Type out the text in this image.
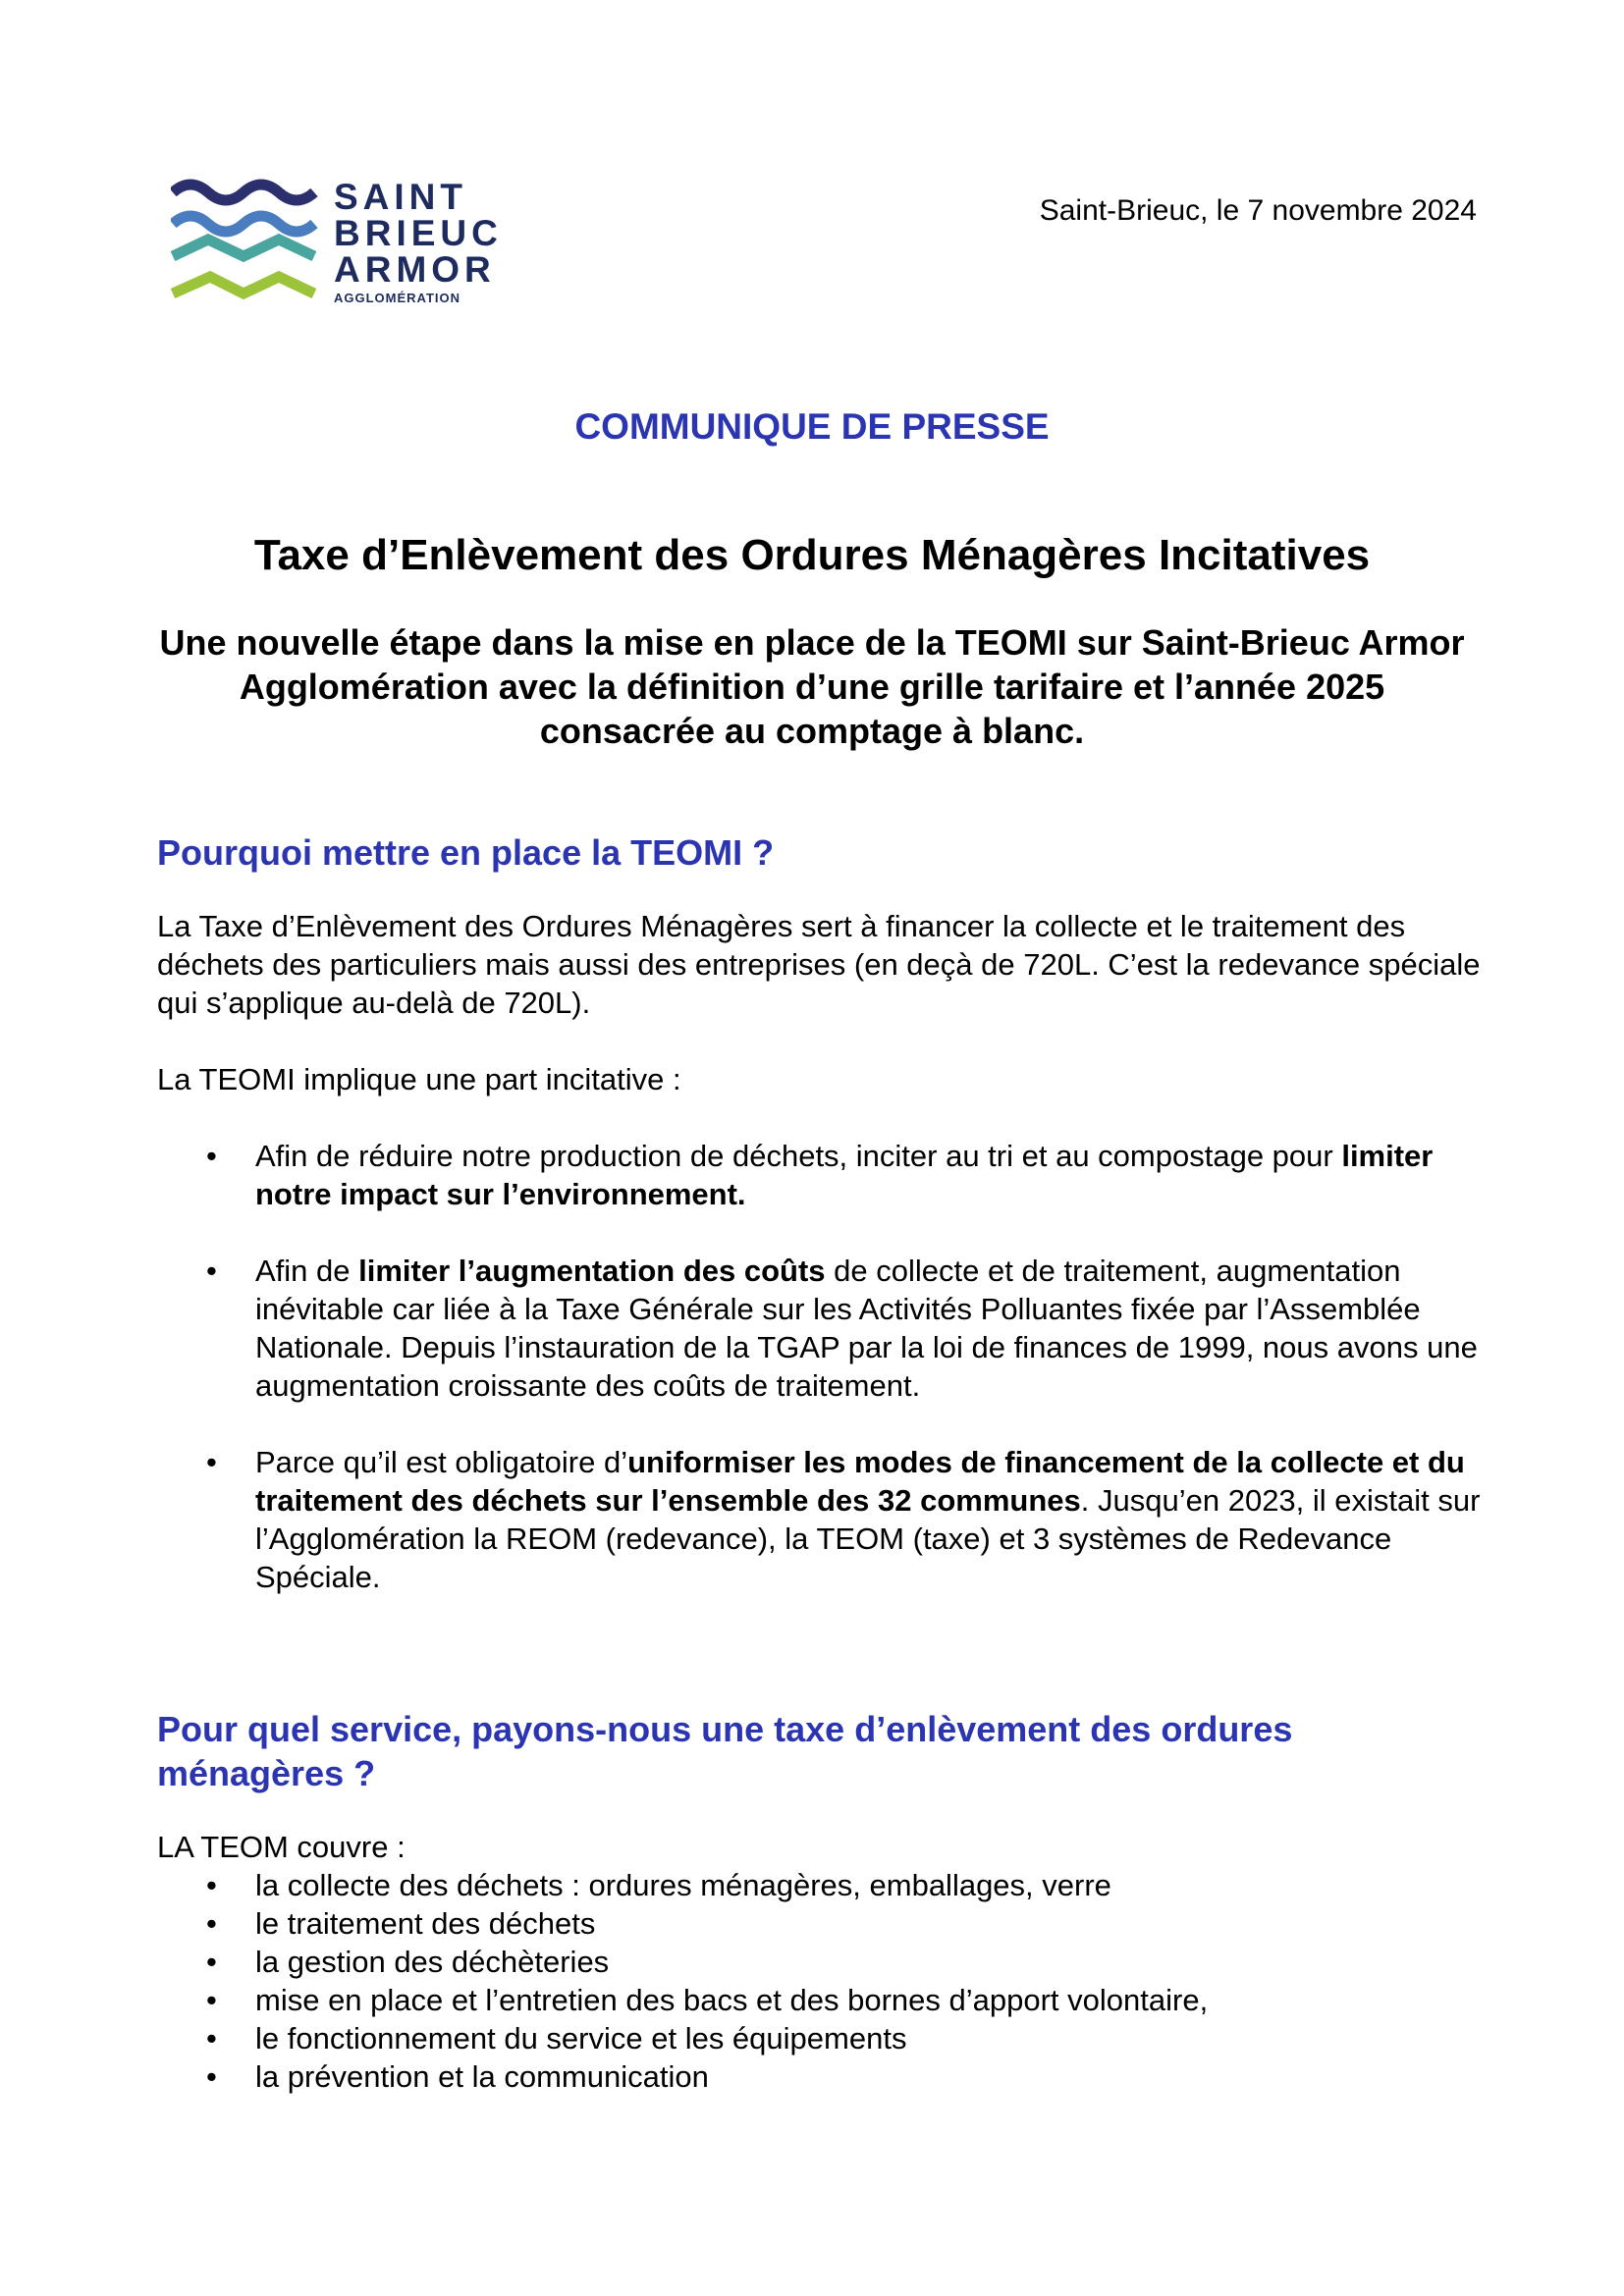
SAINT
BRIEUC
ARMOR
AGGLOMÉRATION
Saint-Brieuc, le 7 novembre 2024
COMMUNIQUE DE PRESSE
Taxe d’Enlèvement des Ordures Ménagères Incitatives
Une nouvelle étape dans la mise en place de la TEOMI sur Saint-Brieuc Armor Agglomération avec la définition d’une grille tarifaire et l’année 2025 consacrée au comptage à blanc.
Pourquoi mettre en place la TEOMI ?

La Taxe d’Enlèvement des Ordures Ménagères sert à financer la collecte et le traitement des déchets des particuliers mais aussi des entreprises (en deçà de 720L. C’est la redevance spéciale qui s’applique au-delà de 720L).

La TEOMI implique une part incitative :

• Afin de réduire notre production de déchets, inciter au tri et au compostage pour limiter notre impact sur l’environnement.
• Afin de limiter l’augmentation des coûts de collecte et de traitement, augmentation inévitable car liée à la Taxe Générale sur les Activités Polluantes fixée par l’Assemblée Nationale. Depuis l’instauration de la TGAP par la loi de finances de 1999, nous avons une augmentation croissante des coûts de traitement.
• Parce qu’il est obligatoire d’uniformiser les modes de financement de la collecte et du traitement des déchets sur l’ensemble des 32 communes. Jusqu’en 2023, il existait sur l’Agglomération la REOM (redevance), la TEOM (taxe) et 3 systèmes de Redevance Spéciale.
Pour quel service, payons-nous une taxe d’enlèvement des ordures ménagères ?

LA TEOM couvre :

• la collecte des déchets : ordures ménagères, emballages, verre
• le traitement des déchets
• la gestion des déchèteries
• mise en place et l’entretien des bacs et des bornes d’apport volontaire,
• le fonctionnement du service et les équipements
• la prévention et la communication
